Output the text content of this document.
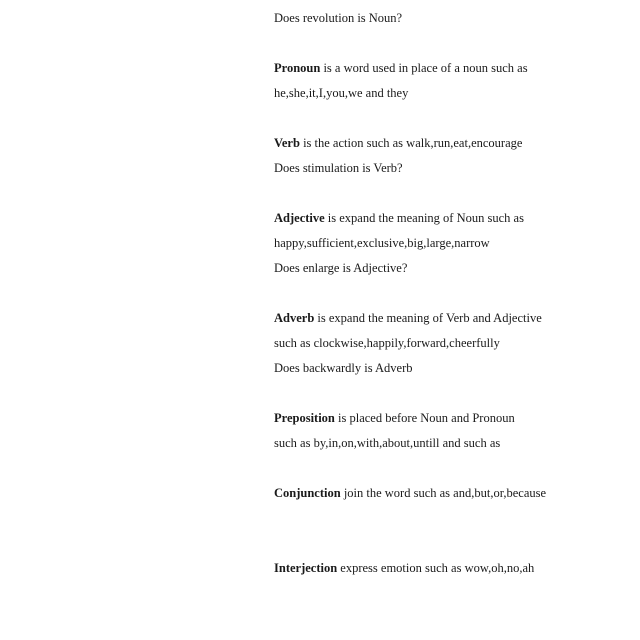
Does revolution is Noun?

Pronoun is a word used in place of a noun such as

he,she,it,I,you,we and they

Verb is the action such as walk,run,eat,encourage

Does stimulation is Verb?

Adjective is expand the meaning of Noun such as

happy,sufficient,exclusive,big,large,narrow

Does enlarge is Adjective?

Adverb is expand the meaning of Verb and Adjective

such as clockwise,happily,forward,cheerfully

Does backwardly is Adverb

Preposition is placed before Noun and Pronoun

such as by,in,on,with,about,untill and such as

Conjunction join the word such as and,but,or,because

Interjection express emotion such as wow,oh,no,ah
